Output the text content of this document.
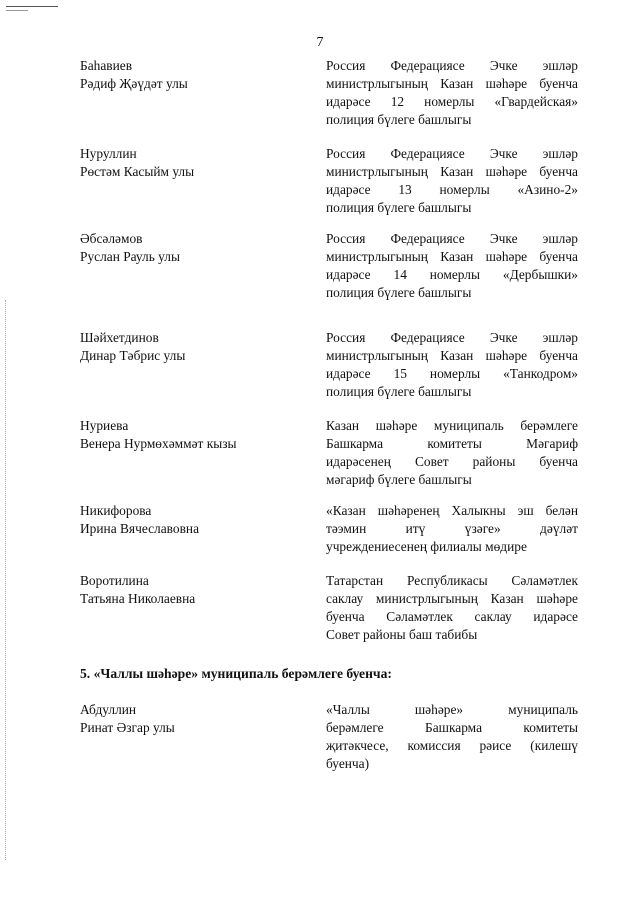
7
Баһавиев
Рәдиф Җәүдәт улы
Россия Федерациясе Эчке эшләр
министрлыгының Казан шәһәре буенча
идарәсе 12 номерлы «Гвардейская»
полиция бүлеге башлыгы
Нуруллин
Рөстәм Касыйм улы
Россия Федерациясе Эчке эшләр
министрлыгының Казан шәһәре буенча
идарәсе 13 номерлы «Азино-2»
полиция бүлеге башлыгы
Әбсәләмов
Руслан Рауль улы
Россия Федерациясе Эчке эшләр
министрлыгының Казан шәһәре буенча
идарәсе 14 номерлы «Дербышки»
полиция бүлеге башлыгы
Шәйхетдинов
Динар Тәбрис улы
Россия Федерациясе Эчке эшләр
министрлыгының Казан шәһәре буенча
идарәсе 15 номерлы «Танкодром»
полиция бүлеге башлыгы
Нуриева
Венера Нурмөхәммәт кызы
Казан шәһәре муниципаль берәмлеге
Башкарма комитеты Мәгариф
идарәсенең Совет районы буенча
мәгариф бүлеге башлыгы
Никифорова
Ирина Вячеславовна
«Казан шәһәренең Халыкны эш белән
тәэмин итү үзәге» дәүләт
учреждениесенең филиалы мөдире
Воротилина
Татьяна Николаевна
Татарстан Республикасы Сәламәтлек
саклау министрлыгының Казан шәһәре
буенча Сәламәтлек саклау идарәсе
Совет районы баш табибы
5. «Чаллы шәһәре» муниципаль берәмлеге буенча:
Абдуллин
Ринат Әзгар улы
«Чаллы шәһәре» муниципаль
берәмлеге Башкарма комитеты
җитәкчесе, комиссия рәисе (килешү
буенча)
